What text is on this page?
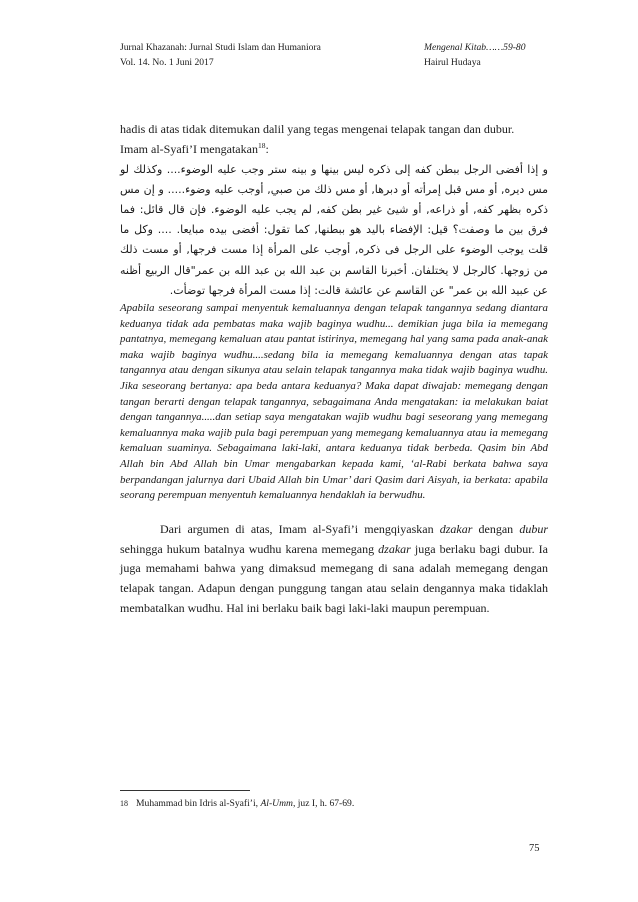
Jurnal Khazanah: Jurnal Studi Islam dan Humaniora	Mengenal Kitab……59-80
Vol. 14. No. 1 Juni 2017	Hairul Hudaya

hadis di atas tidak ditemukan dalil yang tegas mengenai telapak tangan dan dubur.
Imam al-Syafi’I mengatakan$^{18}$:

و إذا أفضى الرجل ببطن كفه إلى ذكره ليس بينها و بينه ستر وجب عليه الوضوء.... وكذلك لو مس ديره, أو مس قبل إمرأته أو دبرها, أو مس ذلك من صبي, أوجب عليه وضوء..... و إن مس ذكره بظهر كفه, أو ذراعه, أو شيئ غير بطن كفه, لم يجب عليه الوضوء. فإن قال قائل: فما فرق بين ما وصفت؟ قيل: الإفضاء باليد هو ببطنها, كما تقول: أفضى بيده مبايعا. .... وكل ما قلت يوجب الوضوء على الرجل فى ذكره, أوجب على المرأة إذا مست فرجها, أو مست ذلك من زوجها. كالرجل لا يختلفان. أخبرنا القاسم بن عبد الله بن عبد الله بن عمر"قال الربيع أظنه عن عبيد الله بن عمر" عن القاسم عن عائشة قالت: إذا مست المرأة فرجها توضأت.

Apabila seseorang sampai menyentuk kemaluannya dengan telapak tangannya sedang diantara keduanya tidak ada pembatas maka wajib baginya wudhu... demikian juga bila ia memegang pantatnya, memegang kemaluan atau pantat istirinya, memegang hal yang sama pada anak-anak maka wajib baginya wudhu....sedang bila ia memegang kemaluannya dengan atas tapak tangannya atau dengan sikunya atau selain telapak tangannya maka tidak wajib baginya wudhu. Jika seseorang bertanya: apa beda antara keduanya? Maka dapat diwajab: memegang dengan tangan berarti dengan telapak tangannya, sebagaimana Anda mengatakan: ia melakukan baiat dengan tangannya.....dan setiap saya mengatakan wajib wudhu bagi seseorang yang memegang kemaluannya maka wajib pula bagi perempuan yang memegang kemaluannya atau ia memegang kemaluan suaminya. Sebagaimana laki-laki, antara keduanya tidak berbeda. Qasim bin Abd Allah bin Abd Allah bin Umar mengabarkan kepada kami, ‘al-Rabi berkata bahwa saya berpandangan jalurnya dari Ubaid Allah bin Umar’ dari Qasim dari Aisyah, ia berkata: apabila seorang perempuan menyentuh kemaluannya hendaklah ia berwudhu.

Dari argumen di atas, Imam al-Syafi’i mengqiyaskan dzakar dengan dubur sehingga hukum batalnya wudhu karena memegang dzakar juga berlaku bagi dubur. Ia juga memahami bahwa yang dimaksud memegang di sana adalah memegang dengan telapak tangan. Adapun dengan punggung tangan atau selain dengannya maka tidaklah membatalkan wudhu. Hal ini berlaku baik bagi laki-laki maupun perempuan.

18 Muhammad bin Idris al-Syafi’i, Al-Umm, juz I, h. 67-69.
75
